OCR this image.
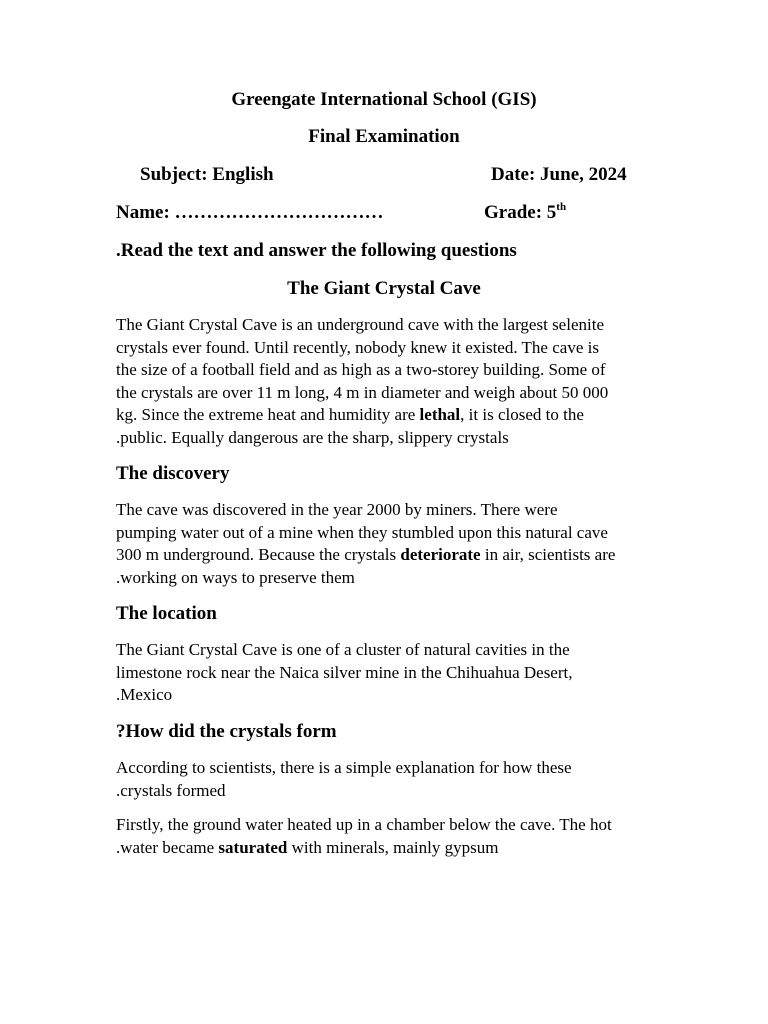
Greengate International School (GIS)

Final Examination

Subject: English	Date: June, 2024

Name: ……………………………	Grade: 5th

.Read the text and answer the following questions

The Giant Crystal Cave

The Giant Crystal Cave is an underground cave with the largest selenite
crystals ever found. Until recently, nobody knew it existed. The cave is
the size of a football field and as high as a two-storey building. Some of
the crystals are over 11 m long, 4 m in diameter and weigh about 50 000
kg. Since the extreme heat and humidity are lethal, it is closed to the
.public. Equally dangerous are the sharp, slippery crystals

The discovery

The cave was discovered in the year 2000 by miners. There were
pumping water out of a mine when they stumbled upon this natural cave
300 m underground. Because the crystals deteriorate in air, scientists are
.working on ways to preserve them

The location

The Giant Crystal Cave is one of a cluster of natural cavities in the
limestone rock near the Naica silver mine in the Chihuahua Desert,
.Mexico

?How did the crystals form

According to scientists, there is a simple explanation for how these
.crystals formed
Firstly, the ground water heated up in a chamber below the cave. The hot
.water became saturated with minerals, mainly gypsum
